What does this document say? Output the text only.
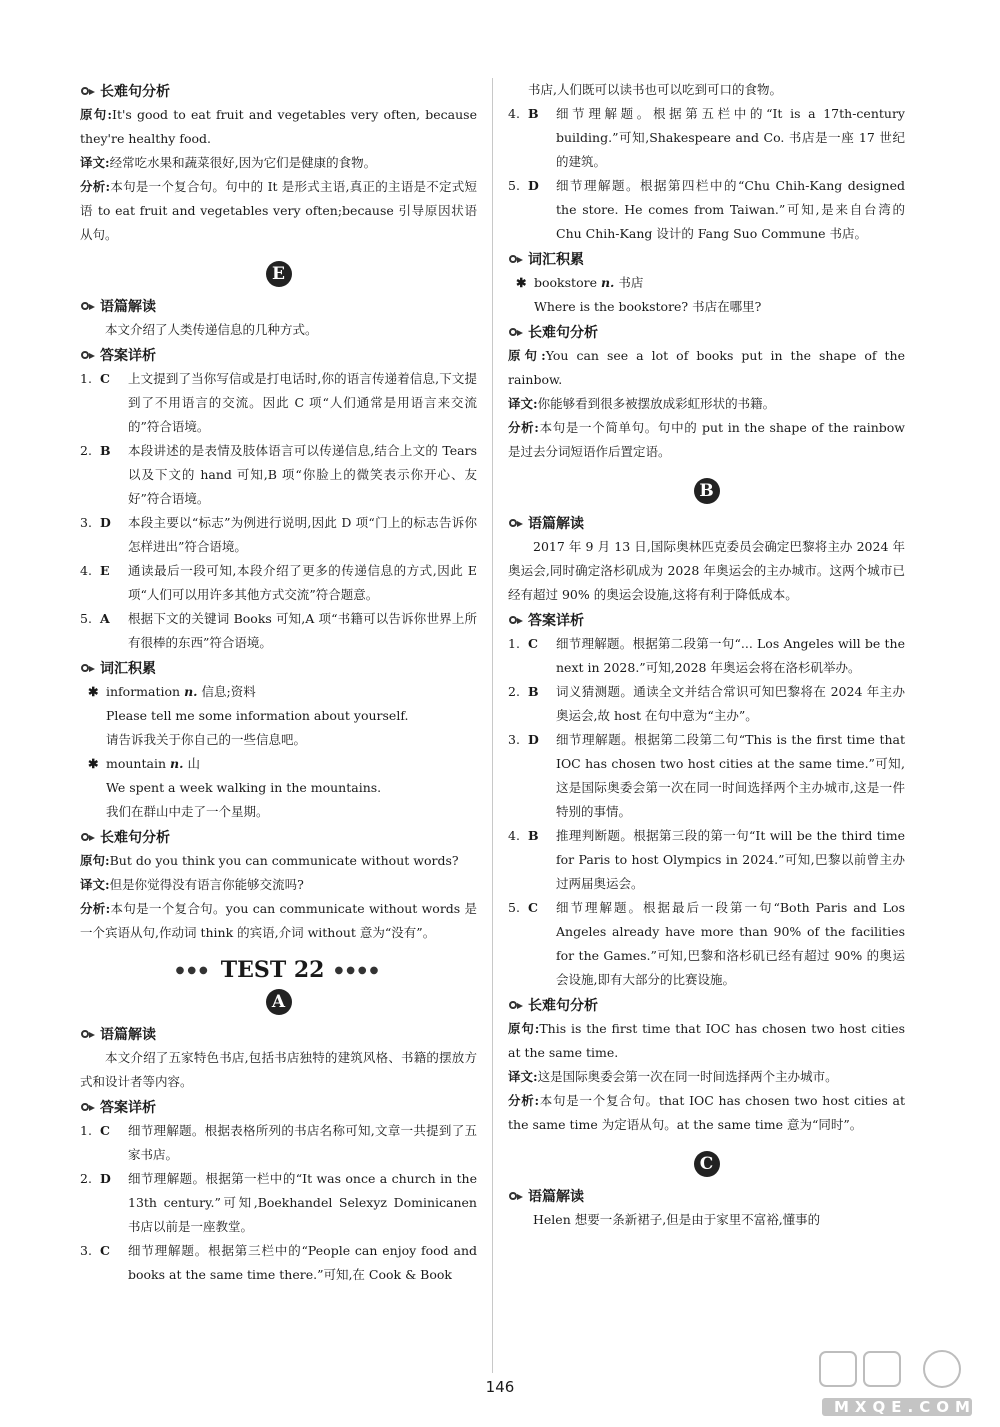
长难句分析

原句:It's good to eat fruit and vegetables very often, because they're healthy food.

译文:经常吃水果和蔬菜很好,因为它们是健康的食物。

分析:本句是一个复合句。句中的 It 是形式主语,真正的主语是不定式短语 to eat fruit and vegetables very often;because 引导原因状语从句。

E
语篇解读

本文介绍了人类传递信息的几种方式。

答案详析
1. C	上文提到了当你写信或是打电话时,你的语言传递着信息,下文提到了不用语言的交流。因此 C 项“人们通常是用语言来交流的”符合语境。
2. B	本段讲述的是表情及肢体语言可以传递信息,结合上文的 Tears 以及下文的 hand 可知,B 项“你脸上的微笑表示你开心、友好”符合语境。
3. D	本段主要以“标志”为例进行说明,因此 D 项“门上的标志告诉你怎样进出”符合语境。
4. E	通读最后一段可知,本段介绍了更多的传递信息的方式,因此 E 项“人们可以用许多其他方式交流”符合题意。
5. A	根据下文的关键词 Books 可知,A 项“书籍可以告诉你世界上所有很棒的东西”符合语境。
词汇积累
✱ information n. 信息;资料
Please tell me some information about yourself.
请告诉我关于你自己的一些信息吧。
✱ mountain n. 山
We spent a week walking in the mountains.
我们在群山中走了一个星期。
长难句分析

原句:But do you think you can communicate without words?

译文:但是你觉得没有语言你能够交流吗?

分析:本句是一个复合句。you can communicate without words 是一个宾语从句,作动词 think 的宾语,介词 without 意为“没有”。

●●● TEST 22 ●●●●
A
语篇解读

本文介绍了五家特色书店,包括书店独特的建筑风格、书籍的摆放方式和设计者等内容。

答案详析
1. C	细节理解题。根据表格所列的书店名称可知,文章一共提到了五家书店。
2. D	细节理解题。根据第一栏中的“It was once a church in the 13th century.”可知,Boekhandel Selexyz Dominicanen 书店以前是一座教堂。
3. C	细节理解题。根据第三栏中的“People can enjoy food and books at the same time there.”可知,在 Cook & Book

书店,人们既可以读书也可以吃到可口的食物。

4. B	细节理解题。根据第五栏中的“It is a 17th-century building.”可知,Shakespeare and Co. 书店是一座 17 世纪的建筑。
5. D	细节理解题。根据第四栏中的“Chu Chih-Kang designed the store. He comes from Taiwan.”可知,是来自台湾的 Chu Chih-Kang 设计的 Fang Suo Commune 书店。
词汇积累
✱ bookstore n. 书店
Where is the bookstore? 书店在哪里?
长难句分析

原句:You can see a lot of books put in the shape of the rainbow.

译文:你能够看到很多被摆放成彩虹形状的书籍。

分析:本句是一个简单句。句中的 put in the shape of the rainbow 是过去分词短语作后置定语。

B
语篇解读

2017 年 9 月 13 日,国际奥林匹克委员会确定巴黎将主办 2024 年奥运会,同时确定洛杉矶成为 2028 年奥运会的主办城市。这两个城市已经有超过 90% 的奥运会设施,这将有利于降低成本。

答案详析
1. C	细节理解题。根据第二段第一句“... Los Angeles will be the next in 2028.”可知,2028 年奥运会将在洛杉矶举办。
2. B	词义猜测题。通读全文并结合常识可知巴黎将在 2024 年主办奥运会,故 host 在句中意为“主办”。
3. D	细节理解题。根据第二段第二句“This is the first time that IOC has chosen two host cities at the same time.”可知,这是国际奥委会第一次在同一时间选择两个主办城市,这是一件特别的事情。
4. B	推理判断题。根据第三段的第一句“It will be the third time for Paris to host Olympics in 2024.”可知,巴黎以前曾主办过两届奥运会。
5. C	细节理解题。根据最后一段第一句“Both Paris and Los Angeles already have more than 90% of the facilities for the Games.”可知,巴黎和洛杉矶已经有超过 90% 的奥运会设施,即有大部分的比赛设施。
长难句分析

原句:This is the first time that IOC has chosen two host cities at the same time.

译文:这是国际奥委会第一次在同一时间选择两个主办城市。

分析:本句是一个复合句。that IOC has chosen two host cities at the same time 为定语从句。at the same time 意为“同时”。

C
语篇解读

Helen 想要一条新裙子,但是由于家里不富裕,懂事的

146
MXQE.COM
